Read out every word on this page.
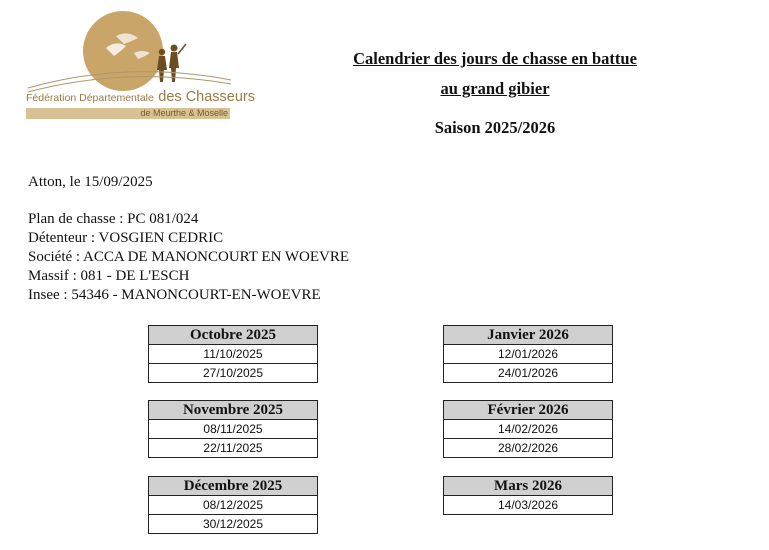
Fédération Départementale des Chasseurs
de Meurthe & Moselle
Calendrier des jours de chasse en battue
au grand gibier
Saison 2025/2026
Atton, le 15/09/2025
Plan de chasse : PC 081/024
Détenteur : VOSGIEN CEDRIC
Société : ACCA DE MANONCOURT EN WOEVRE
Massif : 081 - DE L'ESCH
Insee : 54346 - MANONCOURT-EN-WOEVRE
Octobre 2025
11/10/2025
27/10/2025
Novembre 2025
08/11/2025
22/11/2025
Décembre 2025
08/12/2025
30/12/2025
Janvier 2026
12/01/2026
24/01/2026
Février 2026
14/02/2026
28/02/2026
Mars 2026
14/03/2026
